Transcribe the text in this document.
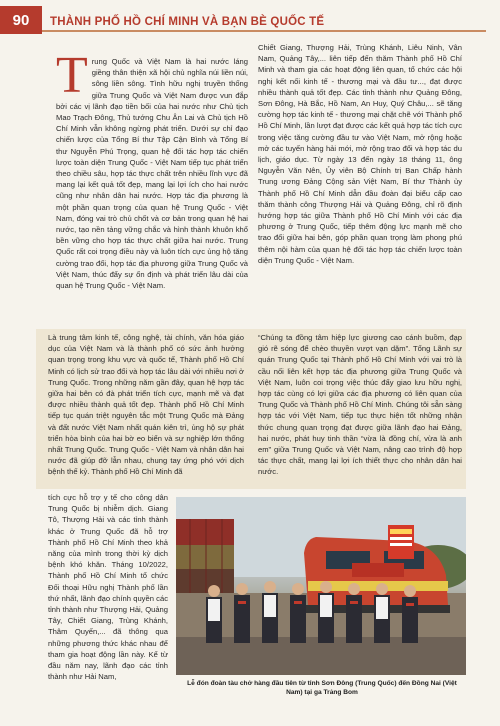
90	THÀNH PHỐ HỒ CHÍ MINH VÀ BẠN BÈ QUỐC TẾ
T rung Quốc và Việt Nam là hai nước láng giềng thân thiện xã hội chủ nghĩa núi liền núi, sông liền sông. Tình hữu nghị truyền thống giữa Trung Quốc và Việt Nam được vun đắp bởi các vị lãnh đạo tiền bối của hai nước như Chủ tịch Mao Trạch Đông, Thủ tướng Chu Ân Lai và Chủ tịch Hồ Chí Minh vẫn không ngừng phát triển. Dưới sự chỉ đạo chiến lược của Tổng Bí thư Tập Cận Bình và Tổng Bí thư Nguyễn Phú Trọng, quan hệ đối tác hợp tác chiến lược toàn diện Trung Quốc - Việt Nam tiếp tục phát triển theo chiều sâu, hợp tác thực chất trên nhiều lĩnh vực đã mang lại kết quả tốt đẹp, mang lại lợi ích cho hai nước cũng như nhân dân hai nước. Hợp tác địa phương là một phần quan trọng của quan hệ Trung Quốc - Việt Nam, đóng vai trò chủ chốt và cơ bản trong quan hệ hai nước, tạo nền tảng vững chắc và hình thành khuôn khổ bền vững cho hợp tác thực chất giữa hai nước. Trung Quốc rất coi trọng điều này và luôn tích cực ủng hộ tăng cường trao đổi, hợp tác địa phương giữa Trung Quốc và Việt Nam, thúc đẩy sự ổn định và phát triển lâu dài của quan hệ Trung Quốc - Việt Nam.

Chiết Giang, Thượng Hải, Trùng Khánh, Liêu Ninh, Vân Nam, Quảng Tây,... liên tiếp đến thăm Thành phố Hồ Chí Minh và tham gia các hoạt động liên quan, tổ chức các hội nghị kết nối kinh tế - thương mại và đầu tư..., đạt được nhiều thành quả tốt đẹp. Các tỉnh thành như Quảng Đông, Sơn Đông, Hà Bắc, Hồ Nam, An Huy, Quý Châu,... sẽ tăng cường hợp tác kinh tế - thương mại chặt chẽ với Thành phố Hồ Chí Minh, lần lượt đạt được các kết quả hợp tác tích cực trong việc tăng cường đầu tư vào Việt Nam, mở rộng hoặc mở các tuyến hàng hải mới, mở rộng trao đổi và hợp tác du lịch, giáo dục. Từ ngày 13 đến ngày 18 tháng 11, ông Nguyễn Văn Nên, Ủy viên Bộ Chính trị Ban Chấp hành Trung ương Đảng Cộng sản Việt Nam, Bí thư Thành ủy Thành phố Hồ Chí Minh dẫn đầu đoàn đại biểu cấp cao thăm thành công Thượng Hải và Quảng Đông, chỉ rõ định hướng hợp tác giữa Thành phố Hồ Chí Minh với các địa phương ở Trung Quốc, tiếp thêm động lực mạnh mẽ cho trao đổi giữa hai bên, góp phần quan trọng làm phong phú thêm nội hàm của quan hệ đối tác hợp tác chiến lược toàn diện Trung Quốc - Việt Nam.

Là trung tâm kinh tế, công nghệ, tài chính, văn hóa giáo dục của Việt Nam và là thành phố có sức ảnh hưởng quan trọng trong khu vực và quốc tế, Thành phố Hồ Chí Minh có lịch sử trao đổi và hợp tác lâu dài với nhiều nơi ở Trung Quốc. Trong những năm gần đây, quan hệ hợp tác giữa hai bên có đà phát triển tích cực, mạnh mẽ và đạt được nhiều thành quả tốt đẹp. Thành phố Hồ Chí Minh tiếp tục quán triệt nguyên tắc một Trung Quốc mà Đảng và đất nước Việt Nam nhất quán kiên trì, ủng hộ sự phát triển hòa bình của hai bờ eo biển và sự nghiệp lớn thống nhất Trung Quốc. Trung Quốc - Việt Nam và nhân dân hai nước đã giúp đỡ lẫn nhau, chung tay ứng phó với dịch bệnh thế kỷ. Thành phố Hồ Chí Minh đã

“Chúng ta đồng tâm hiệp lực giương cao cánh buồm, đạp gió rẽ sóng để chèo thuyền vượt vạn dặm”. Tổng Lãnh sự quán Trung Quốc tại Thành phố Hồ Chí Minh với vai trò là cầu nối liên kết hợp tác địa phương giữa Trung Quốc và Việt Nam, luôn coi trọng việc thúc đẩy giao lưu hữu nghị, hợp tác cùng có lợi giữa các địa phương có liên quan của Trung Quốc và Thành phố Hồ Chí Minh. Chúng tôi sẵn sàng hợp tác với Việt Nam, tiếp tục thực hiện tốt những nhận thức chung quan trọng đạt được giữa lãnh đạo hai Đảng, hai nước, phát huy tinh thần “vừa là đồng chí, vừa là anh em” giữa Trung Quốc và Việt Nam, nâng cao trình độ hợp tác thực chất, mang lại lợi ích thiết thực cho nhân dân hai nước.

tích cực hỗ trợ y tế cho công dân Trung Quốc bị nhiễm dịch. Giang Tô, Thượng Hải và các tỉnh thành khác ở Trung Quốc đã hỗ trợ Thành phố Hồ Chí Minh theo khả năng của mình trong thời kỳ dịch bệnh khó khăn. Tháng 10/2022, Thành phố Hồ Chí Minh tổ chức Đối thoại Hữu nghị Thành phố lần thứ nhất, lãnh đạo chính quyền các tỉnh thành như Thượng Hải, Quảng Tây, Chiết Giang, Trùng Khánh, Thâm Quyến,... đã thông qua những phương thức khác nhau để tham gia hoạt động lần này. Kể từ đầu năm nay, lãnh đạo các tỉnh thành như Hải Nam,

Lễ đón đoàn tàu chở hàng đầu tiên từ tỉnh Sơn Đông (Trung Quốc) đến Đồng Nai (Việt Nam) tại ga Trảng Bom
